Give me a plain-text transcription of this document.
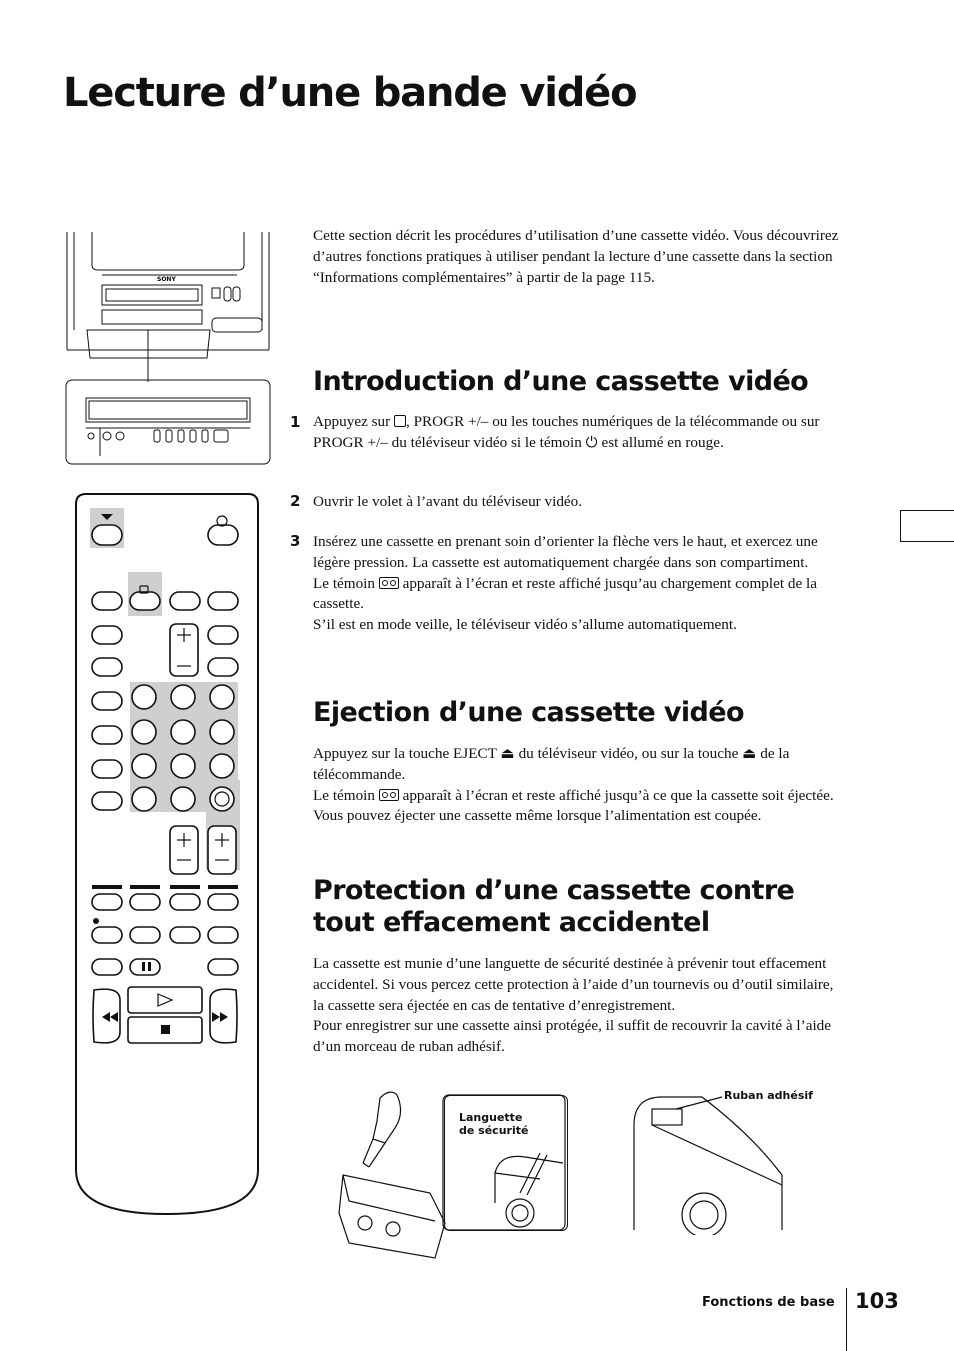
Lecture d’une bande vidéo

Cette section décrit les procédures d’utilisation d’une cassette vidéo. Vous découvrirez d’autres fonctions pratiques à utiliser pendant la lecture d’une cassette dans la section “Informations complémentaires” à partir de la page 115.

SONY
Introduction d’une cassette vidéo
1 Appuyez sur , PROGR +/– ou les touches numériques de la télécommande ou sur PROGR +/– du téléviseur vidéo si le témoin ⏻ est allumé en rouge.

2 Ouvrir le volet à l’avant du téléviseur vidéo.

3 Insérez une cassette en prenant soin d’orienter la flèche vers le haut, et exercez une légère pression. La cassette est automatiquement chargée dans son compartiment.
Le témoin  apparaît à l’écran et reste affiché jusqu’au chargement complet de la cassette.
S’il est en mode veille, le téléviseur vidéo s’allume automatiquement.

Ejection d’une cassette vidéo

Appuyez sur la touche EJECT ⏏ du téléviseur vidéo, ou sur la touche ⏏ de la télécommande.
Le témoin  apparaît à l’écran et reste affiché jusqu’à ce que la cassette soit éjectée.
Vous pouvez éjecter une cassette même lorsque l’alimentation est coupée.

Protection d’une cassette contre
tout effacement accidentel

La cassette est munie d’une languette de sécurité destinée à prévenir tout effacement accidentel. Si vous percez cette protection à l’aide d’un tournevis ou d’outil similaire, la cassette sera éjectée en cas de tentative d’enregistrement.
Pour enregistrer sur une cassette ainsi protégée, il suffit de recouvrir la cavité à l’aide d’un morceau de ruban adhésif.

Languette
de sécurité
Ruban adhésif
Fonctions de base 103
